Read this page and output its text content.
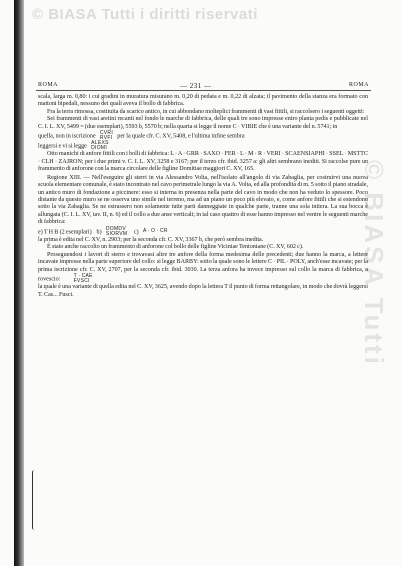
© BIASA Tutti i diritti riservati
© BIASA Tutti
ROMA	— 231 —	ROMA

scala, larga m. 0,80: i cui gradini in muratura misurano m. 0,20 di pedata e m. 0,22 di alzata; il pavimento della stanza era formato con mattoni bipedali, nessuno dei quali aveva il bollo di fabbrica.

Fra la terra rimossa, costituita da scarico antico, in cui abbondano molteplici frammenti di vasi fittili, si raccolsero i seguenti oggetti:

Sei frammenti di vasi aretini recanti nel fondo le marche di fabbrica, delle quali tre sono impresse entro planta pedis e pubblicate nel C. I. L. XV, 5499 = (due esemplari), 5593 b, 5570 b; nella quarta si legge il nome C · VIBIE che è una variante del n. 5741; in

quella, non in iscrizione
CVRI
RVFI per la quale cfr. C. XV, 5408, e l'ultima infine sembra

leggersi e vi si legge
ALEXS
DIOMI

Otto manichi di anfore fittili con i bolli di fabbrica: L · A · GRR · SAXO · FER · L · M · R · VERI · SCAENSIAPHI · SSEL · MSTTC · CLH · ZAJRON; per i due primi v. C. I. L. XV, 3258 e 3167; per il terzo cfr. ibid. 3257 a: gli altri sembrano inediti. Si raccolse pure un frammento di anforone con la marca circolare delle figline Domitiae maggiori C. XV, 165.

Regione XIII. — Nell'eseguire gli sterri in via Alessandro Volta, nell'isolato all'angolo di via Zabaglia, per costruirvi una nuova scuola elementare comunale, è stato incontrato nel cavo perimetrale lungo la via A. Volta, ed alla profondità di m. 5 sotto il piano stradale, un antico muro di fondazione a piccinere: esso si interna in presenza nella parte del cavo in modo che non ha veduto lo spessore. Poco distante da questo muro se ne osserva uno simile nel terreno, ma ad un piano un poco più elevato, e, come anfore fittili che si estendono sotto la via Zabaglia. Se ne estrassero non solamente tutte parti danneggiate in qualche parte, tranne una sola intiera. La sua bocca è allungata (C. I. L. XV, tav. II, n. 6) ed il collo a due anse verticali; in tal caso quattro di esse hanno impresso nel ventre le seguenti marche di fabbrica:

e) T H B (2 esemplari) b)
DOMDV
SIORVM c) A · O · CR

la prima è edita nel C. XV, n. 2903; per la seconda cfr. C. XV, 3367 b, che però sembra inedita.

È stato anche raccolto un frammento di anforone col bollo delle figline Viciniae Tentoniane (C. XV, 602 c).

Proseguendosi i lavori di sterro e trovavasi altre tre anfore della forma medesima delle precedenti; due hanno la marca, a lettere incavate impresse nella parte superiore del collo: si legge BARBY: sotto la quale sono le lettere C · PIL · POLY, anch'esse incavate; per la prima iscrizione cfr. C. XV, 2707, per la seconda cfr. ibid. 3030. La terza anfora ha invece impresso sul collo la marca di fabbrica, a rovescio:
T · CAE
FVSCI

la quale è una variante di quella edita nel C. XV, 3625, avendo dopo la lettera T il punto di forma rettangolare, in modo che dovrà leggersi T. Cas... Fusci.
